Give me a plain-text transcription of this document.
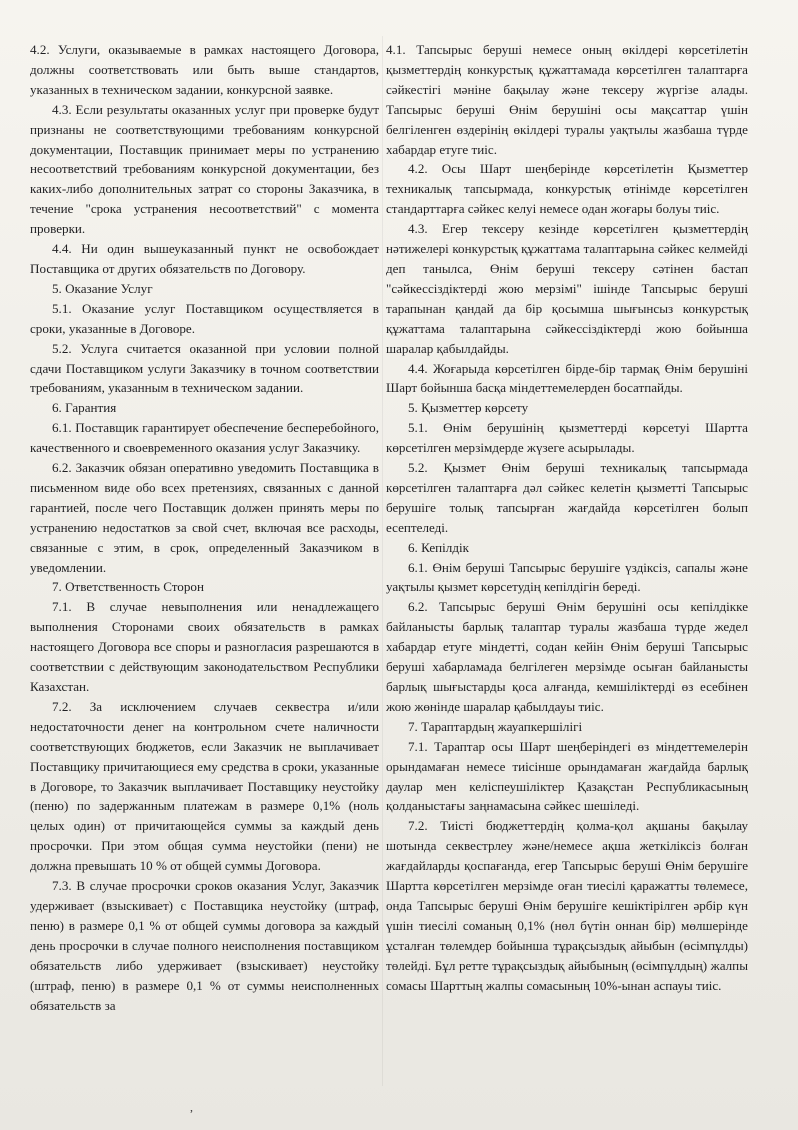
4.2. Услуги, оказываемые в рамках настоящего Договора, должны соответствовать или быть выше стандартов, указанных в техническом задании, конкурсной заявке.

4.3. Если результаты оказанных услуг при проверке будут признаны не соответствующими требованиям конкурсной документации, Поставщик принимает меры по устранению несоответствий требованиям конкурсной документации, без каких-либо дополнительных затрат со стороны Заказчика, в течение "срока устранения несоответствий" с момента проверки.

4.4. Ни один вышеуказанный пункт не освобождает Поставщика от других обязательств по Договору.

5. Оказание Услуг

5.1. Оказание услуг Поставщиком осуществляется в сроки, указанные в Договоре.

5.2. Услуга считается оказанной при условии полной сдачи Поставщиком услуги Заказчику в точном соответствии требованиям, указанным в техническом задании.

6. Гарантия

6.1. Поставщик гарантирует обеспечение бесперебойного, качественного и своевременного оказания услуг Заказчику.

6.2. Заказчик обязан оперативно уведомить Поставщика в письменном виде обо всех претензиях, связанных с данной гарантией, после чего Поставщик должен принять меры по устранению недостатков за свой счет, включая все расходы, связанные с этим, в срок, определенный Заказчиком в уведомлении.

7. Ответственность Сторон

7.1. В случае невыполнения или ненадлежащего выполнения Сторонами своих обязательств в рамках настоящего Договора все споры и разногласия разрешаются в соответствии с действующим законодательством Республики Казахстан.

7.2. За исключением случаев секвестра и/или недостаточности денег на контрольном счете наличности соответствующих бюджетов, если Заказчик не выплачивает Поставщику причитающиеся ему средства в сроки, указанные в Договоре, то Заказчик выплачивает Поставщику неустойку (пеню) по задержанным платежам в размере 0,1% (ноль целых один) от причитающейся суммы за каждый день просрочки. При этом общая сумма неустойки (пени) не должна превышать 10 % от общей суммы Договора.

7.3. В случае просрочки сроков оказания Услуг, Заказчик удерживает (взыскивает) с Поставщика неустойку (штраф, пеню) в размере 0,1 % от общей суммы договора за каждый день просрочки в случае полного неисполнения поставщиком обязательств либо удерживает (взыскивает) неустойку (штраф, пеню) в размере 0,1 % от суммы неисполненных обязательств за

4.1. Тапсырыс беруші немесе оның өкілдері көрсетілетін қызметтердің конкурстық құжаттамада көрсетілген талаптарға сәйкестігі мәніне бақылау және тексеру жүргізе алады. Тапсырыс беруші Өнім берушіні осы мақсаттар үшін белгіленген өздерінің өкілдері туралы уақтылы жазбаша түрде хабардар етуге тиіс.

4.2. Осы Шарт шеңберінде көрсетілетін Қызметтер техникалық тапсырмада, конкурстық өтінімде көрсетілген стандарттарға сәйкес келуі немесе одан жоғары болуы тиіс.

4.3. Егер тексеру кезінде көрсетілген қызметтердің нәтижелері конкурстық құжаттама талаптарына сәйкес келмейді деп танылса, Өнім беруші тексеру сәтінен бастап "сәйкессіздіктерді жою мерзімі" ішінде Тапсырыс беруші тарапынан қандай да бір қосымша шығынсыз конкурстық құжаттама талаптарына сәйкессіздіктерді жою бойынша шаралар қабылдайды.

4.4. Жоғарыда көрсетілген бірде-бір тармақ Өнім берушіні Шарт бойынша басқа міндеттемелерден босатпайды.

5. Қызметтер көрсету

5.1. Өнім берушінің қызметтерді көрсетуі Шартта көрсетілген мерзімдерде жүзеге асырылады.

5.2. Қызмет Өнім беруші техникалық тапсырмада көрсетілген талаптарға дәл сәйкес келетін қызметті Тапсырыс берушіге толық тапсырған жағдайда көрсетілген болып есептеледі.

6. Кепілдік

6.1. Өнім беруші Тапсырыс берушіге үздіксіз, сапалы және уақтылы қызмет көрсетудің кепілдігін береді.

6.2. Тапсырыс беруші Өнім берушіні осы кепілдікке байланысты барлық талаптар туралы жазбаша түрде жедел хабардар етуге міндетті, содан кейін Өнім беруші Тапсырыс беруші хабарламада белгілеген мерзімде осыған байланысты барлық шығыстарды қоса алғанда, кемшіліктерді өз есебінен жою жөнінде шаралар қабылдауы тиіс.

7. Тараптардың жауапкершілігі

7.1. Тараптар осы Шарт шеңберіндегі өз міндеттемелерін орындамаған немесе тиісінше орындамаған жағдайда барлық даулар мен келіспеушіліктер Қазақстан Республикасының қолданыстағы заңнамасына сәйкес шешіледі.

7.2. Тиісті бюджеттердің қолма-қол ақшаны бақылау шотында секвестрлеу және/немесе ақша жеткіліксіз болған жағдайларды қоспағанда, егер Тапсырыс беруші Өнім берушіге Шартта көрсетілген мерзімде оған тиесілі қаражатты төлемесе, онда Тапсырыс беруші Өнім берушіге кешіктірілген әрбір күн үшін тиесілі соманың 0,1% (нөл бүтін оннан бір) мөлшерінде ұсталған төлемдер бойынша тұрақсыздық айыбын (өсімпұлды) төлейді. Бұл ретте тұрақсыздық айыбының (өсімпұлдың) жалпы сомасы Шарттың жалпы сомасының 10%-ынан аспауы тиіс.

,
